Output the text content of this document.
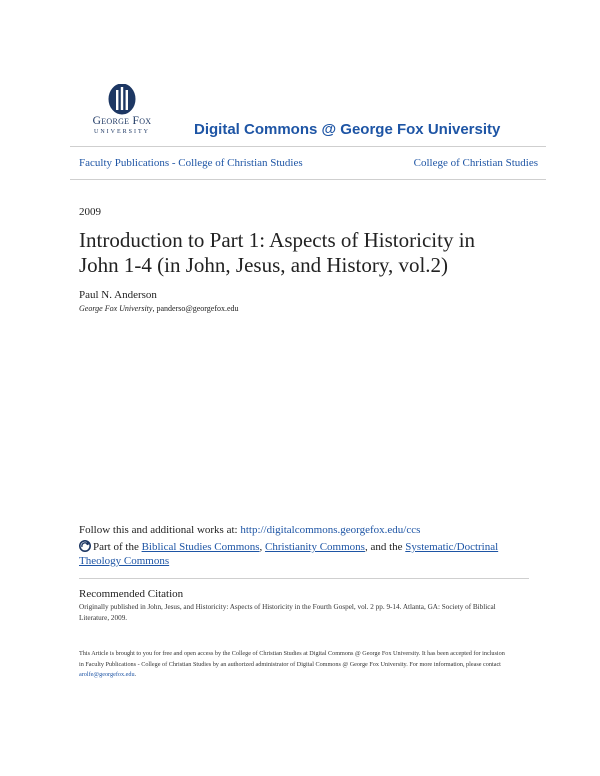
George Fox
UNIVERSITY	Digital Commons @ George Fox University
Faculty Publications - College of Christian Studies	College of Christian Studies
2009
Introduction to Part 1: Aspects of Historicity in John 1-4 (in John, Jesus, and History, vol.2)
Paul N. Anderson
George Fox University, panderso@georgefox.edu
Follow this and additional works at: http://digitalcommons.georgefox.edu/ccs
Part of the Biblical Studies Commons, Christianity Commons, and the Systematic/Doctrinal Theology Commons
Recommended Citation
Originally published in John, Jesus, and Historicity: Aspects of Historicity in the Fourth Gospel, vol. 2 pp. 9-14. Atlanta, GA: Society of Biblical Literature, 2009.
This Article is brought to you for free and open access by the College of Christian Studies at Digital Commons @ George Fox University. It has been accepted for inclusion in Faculty Publications - College of Christian Studies by an authorized administrator of Digital Commons @ George Fox University. For more information, please contact arolfe@georgefox.edu.
